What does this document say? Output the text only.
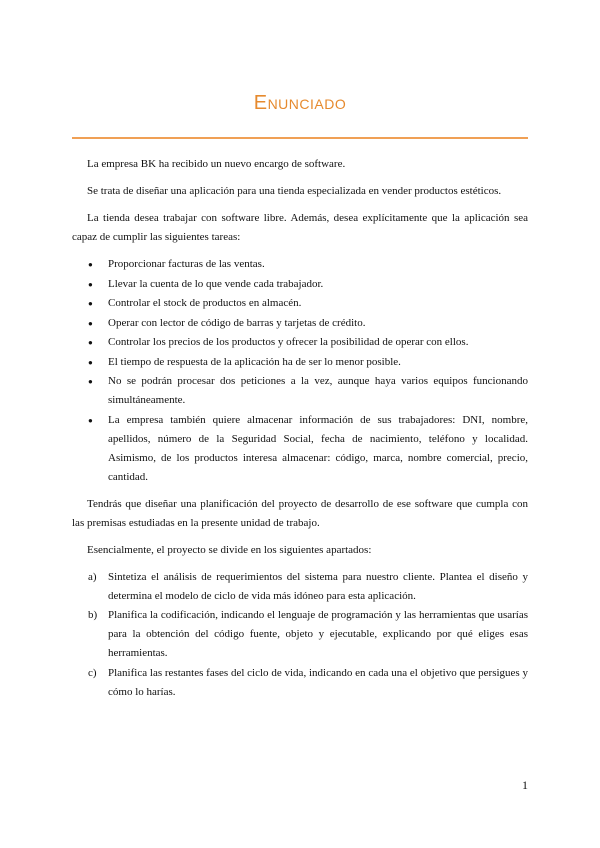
Enunciado

La empresa BK ha recibido un nuevo encargo de software.

Se trata de diseñar una aplicación para una tienda especializada en vender productos estéticos.

La tienda desea trabajar con software libre. Además, desea explícitamente que la aplicación sea capaz de cumplir las siguientes tareas:

● Proporcionar facturas de las ventas.
● Llevar la cuenta de lo que vende cada trabajador.
● Controlar el stock de productos en almacén.
● Operar con lector de código de barras y tarjetas de crédito.
● Controlar los precios de los productos y ofrecer la posibilidad de operar con ellos.
● El tiempo de respuesta de la aplicación ha de ser lo menor posible.
● No se podrán procesar dos peticiones a la vez, aunque haya varios equipos funcionando simultáneamente.
● La empresa también quiere almacenar información de sus trabajadores: DNI, nombre, apellidos, número de la Seguridad Social, fecha de nacimiento, teléfono y localidad. Asimismo, de los productos interesa almacenar: código, marca, nombre comercial, precio, cantidad.

Tendrás que diseñar una planificación del proyecto de desarrollo de ese software que cumpla con las premisas estudiadas en la presente unidad de trabajo.

Esencialmente, el proyecto se divide en los siguientes apartados:

a) Sintetiza el análisis de requerimientos del sistema para nuestro cliente. Plantea el diseño y determina el modelo de ciclo de vida más idóneo para esta aplicación.
b) Planifica la codificación, indicando el lenguaje de programación y las herramientas que usarías para la obtención del código fuente, objeto y ejecutable, explicando por qué eliges esas herramientas.
c) Planifica las restantes fases del ciclo de vida, indicando en cada una el objetivo que persigues y cómo lo harías.
1
